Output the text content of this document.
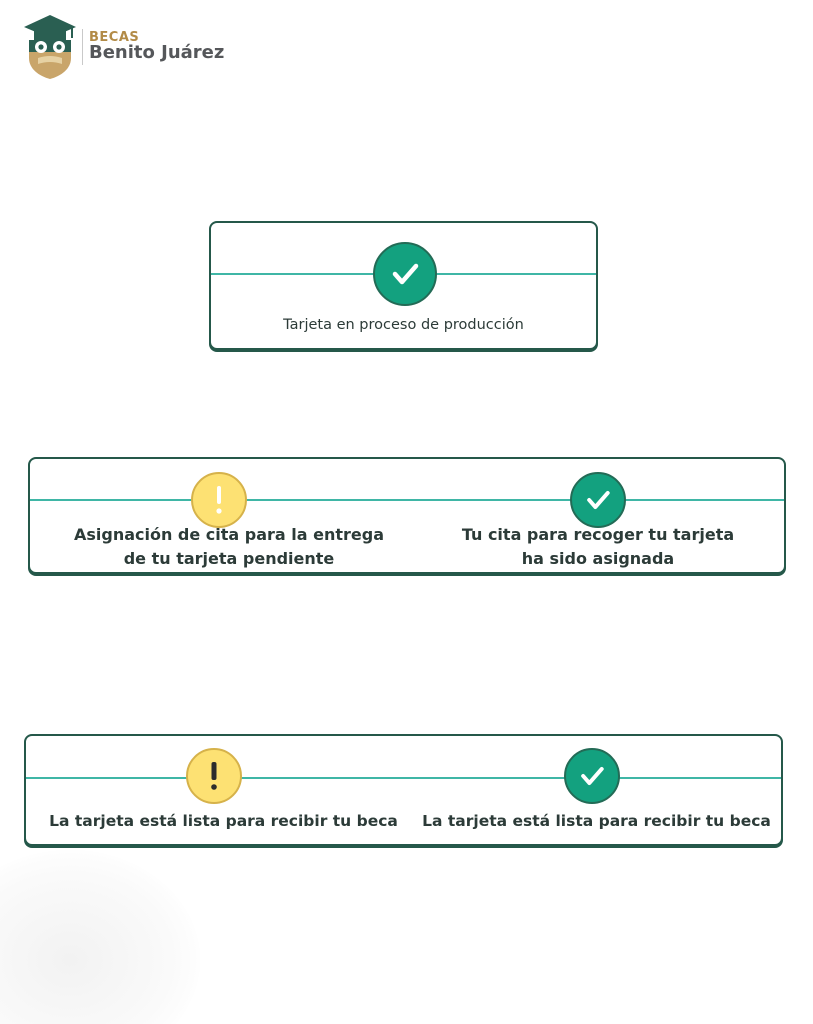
BECAS
Benito Juárez
Tarjeta en proceso de producción
Asignación de cita para la entrega
de tu tarjeta pendiente
Tu cita para recoger tu tarjeta
ha sido asignada
La tarjeta está lista para recibir tu beca	La tarjeta está lista para recibir tu beca
